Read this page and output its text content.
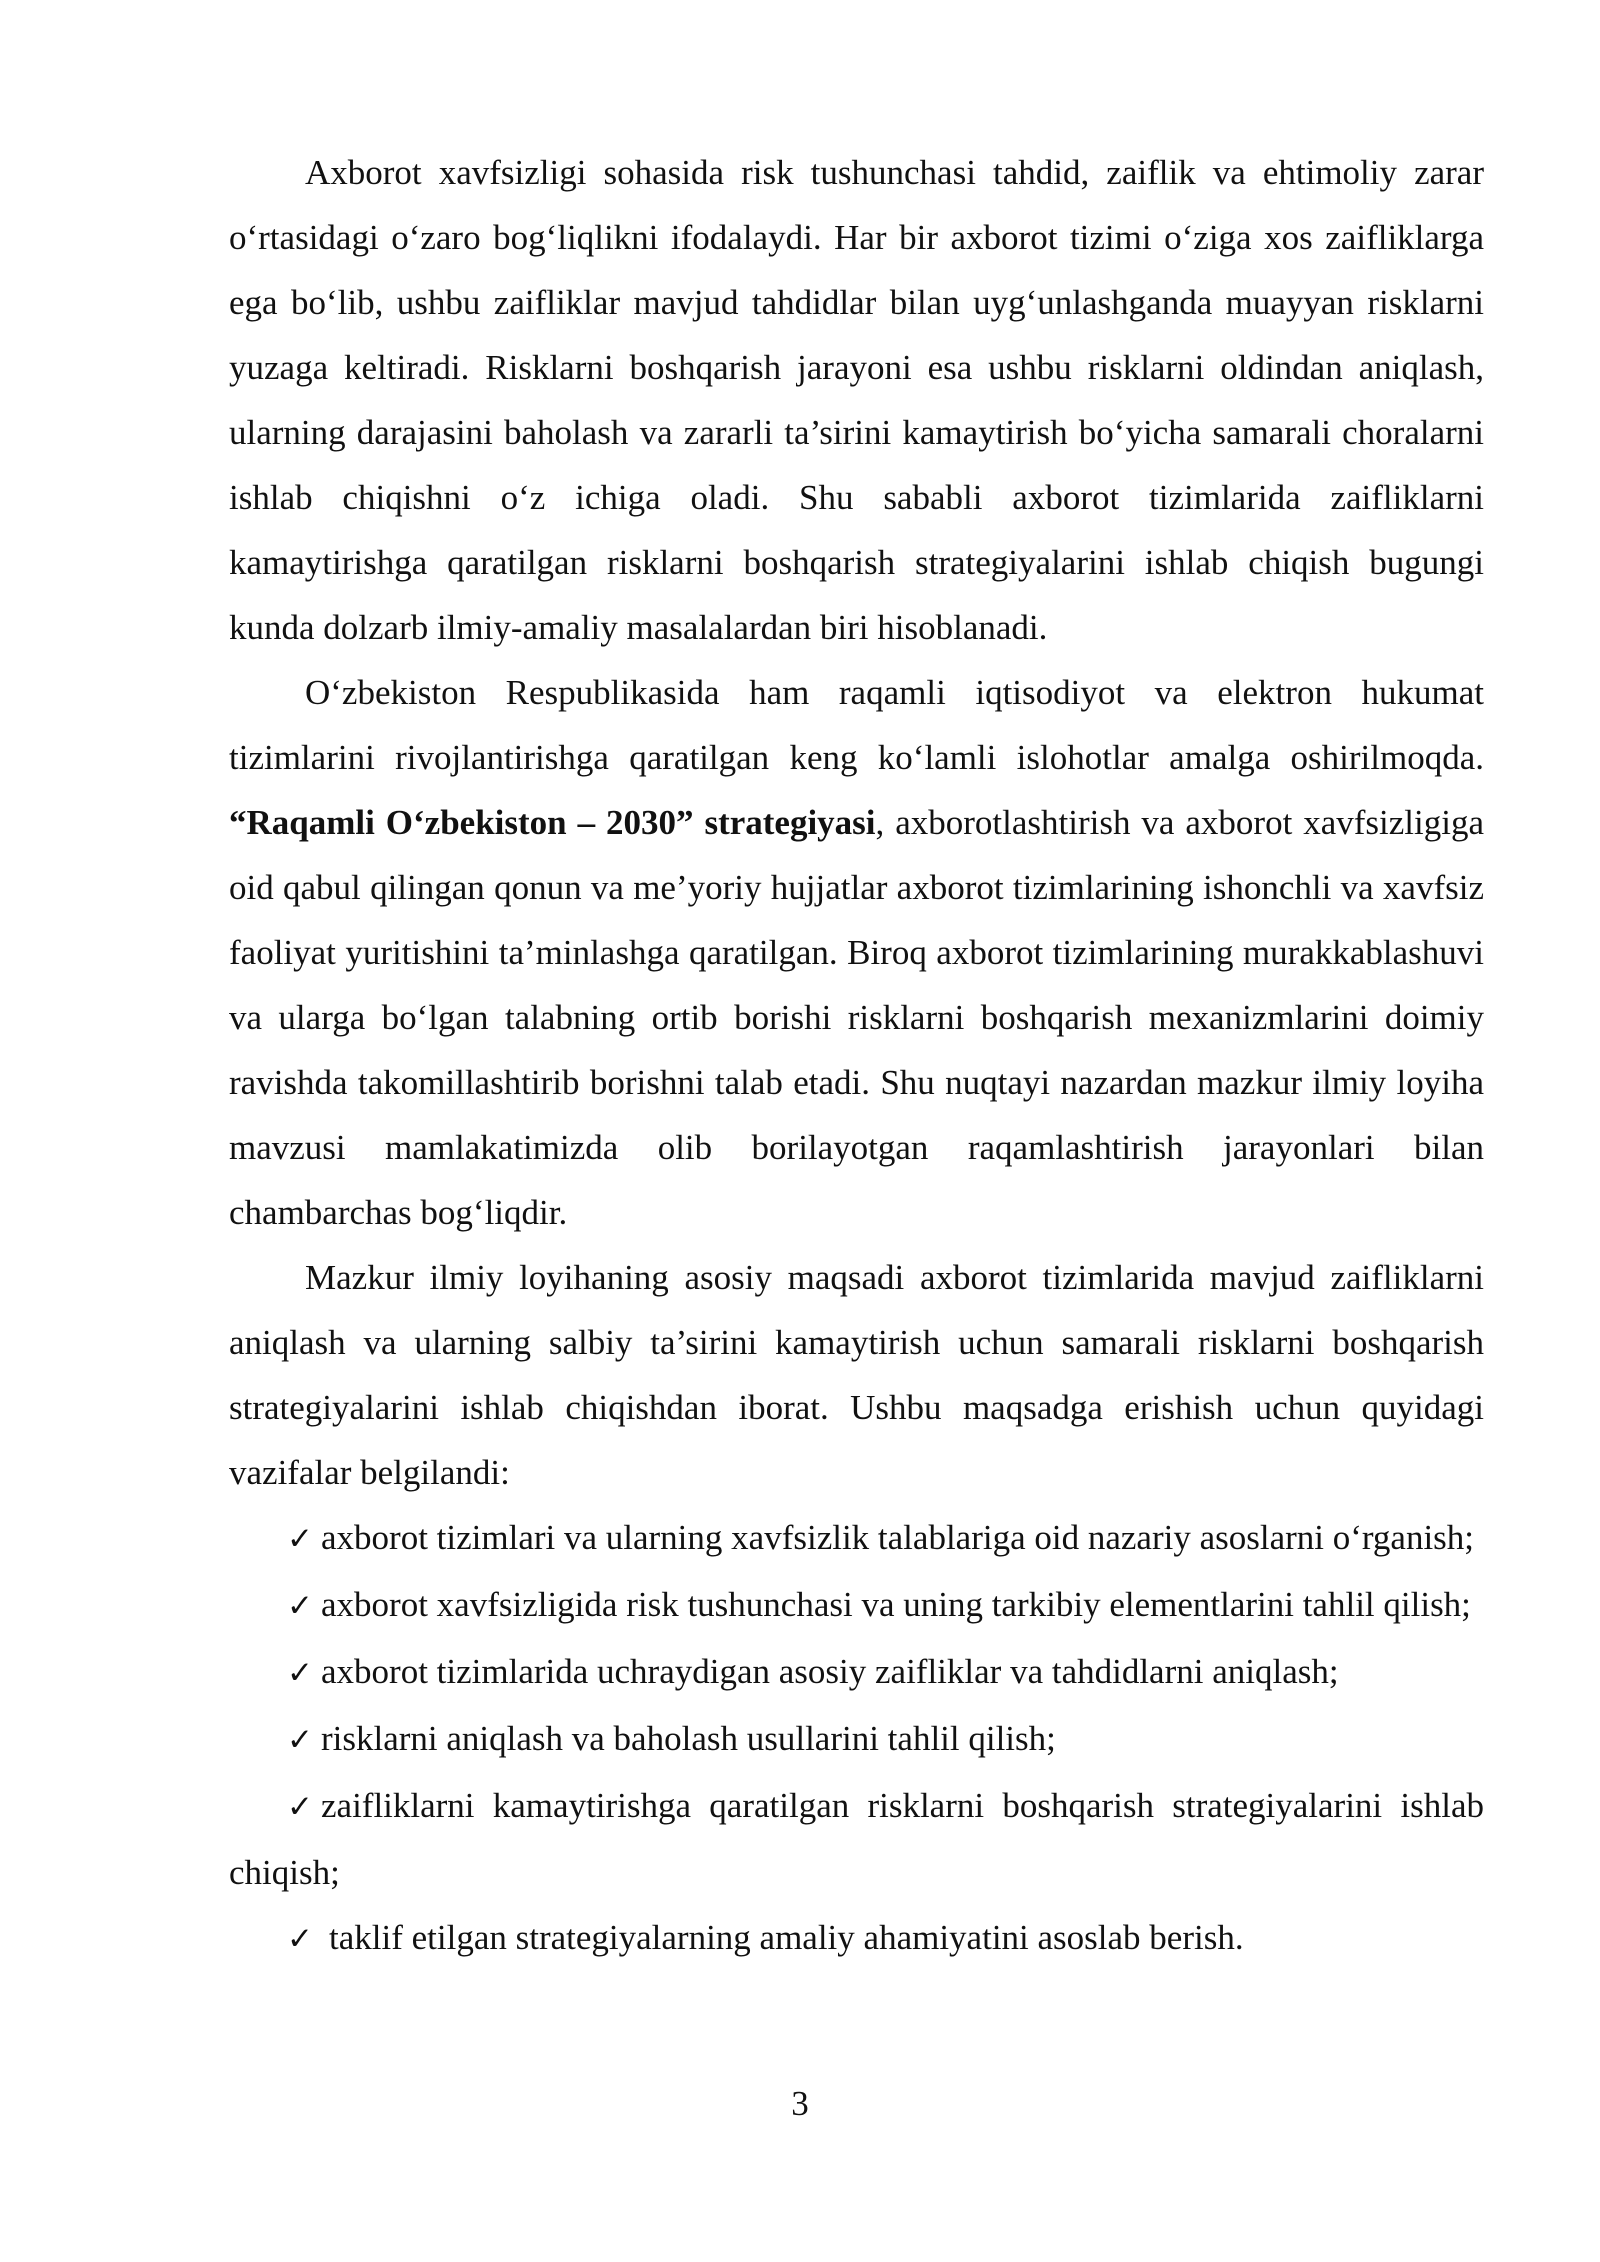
Axborot xavfsizligi sohasida risk tushunchasi tahdid, zaiflik va ehtimoliy zarar o‘rtasidagi o‘zaro bog‘liqlikni ifodalaydi. Har bir axborot tizimi o‘ziga xos zaifliklarga ega bo‘lib, ushbu zaifliklar mavjud tahdidlar bilan uyg‘unlashganda muayyan risklarni yuzaga keltiradi. Risklarni boshqarish jarayoni esa ushbu risklarni oldindan aniqlash, ularning darajasini baholash va zararli ta’sirini kamaytirish bo‘yicha samarali choralarni ishlab chiqishni o‘z ichiga oladi. Shu sababli axborot tizimlarida zaifliklarni kamaytirishga qaratilgan risklarni boshqarish strategiyalarini ishlab chiqish bugungi kunda dolzarb ilmiy-amaliy masalalardan biri hisoblanadi.

O‘zbekiston Respublikasida ham raqamli iqtisodiyot va elektron hukumat tizimlarini rivojlantirishga qaratilgan keng ko‘lamli islohotlar amalga oshirilmoqda. “Raqamli O‘zbekiston – 2030” strategiyasi, axborotlashtirish va axborot xavfsizligiga oid qabul qilingan qonun va me’yoriy hujjatlar axborot tizimlarining ishonchli va xavfsiz faoliyat yuritishini ta’minlashga qaratilgan. Biroq axborot tizimlarining murakkablashuvi va ularga bo‘lgan talabning ortib borishi risklarni boshqarish mexanizmlarini doimiy ravishda takomillashtirib borishni talab etadi. Shu nuqtayi nazardan mazkur ilmiy loyiha mavzusi mamlakatimizda olib borilayotgan raqamlashtirish jarayonlari bilan chambarchas bog‘liqdir.

Mazkur ilmiy loyihaning asosiy maqsadi axborot tizimlarida mavjud zaifliklarni aniqlash va ularning salbiy ta’sirini kamaytirish uchun samarali risklarni boshqarish strategiyalarini ishlab chiqishdan iborat. Ushbu maqsadga erishish uchun quyidagi vazifalar belgilandi:

✓ axborot tizimlari va ularning xavfsizlik talablariga oid nazariy asoslarni o‘rganish;
✓ axborot xavfsizligida risk tushunchasi va uning tarkibiy elementlarini tahlil qilish;
✓ axborot tizimlarida uchraydigan asosiy zaifliklar va tahdidlarni aniqlash;
✓ risklarni aniqlash va baholash usullarini tahlil qilish;
✓ zaifliklarni kamaytirishga qaratilgan risklarni boshqarish strategiyalarini ishlab chiqish;
✓ taklif etilgan strategiyalarning amaliy ahamiyatini asoslab berish.
3
